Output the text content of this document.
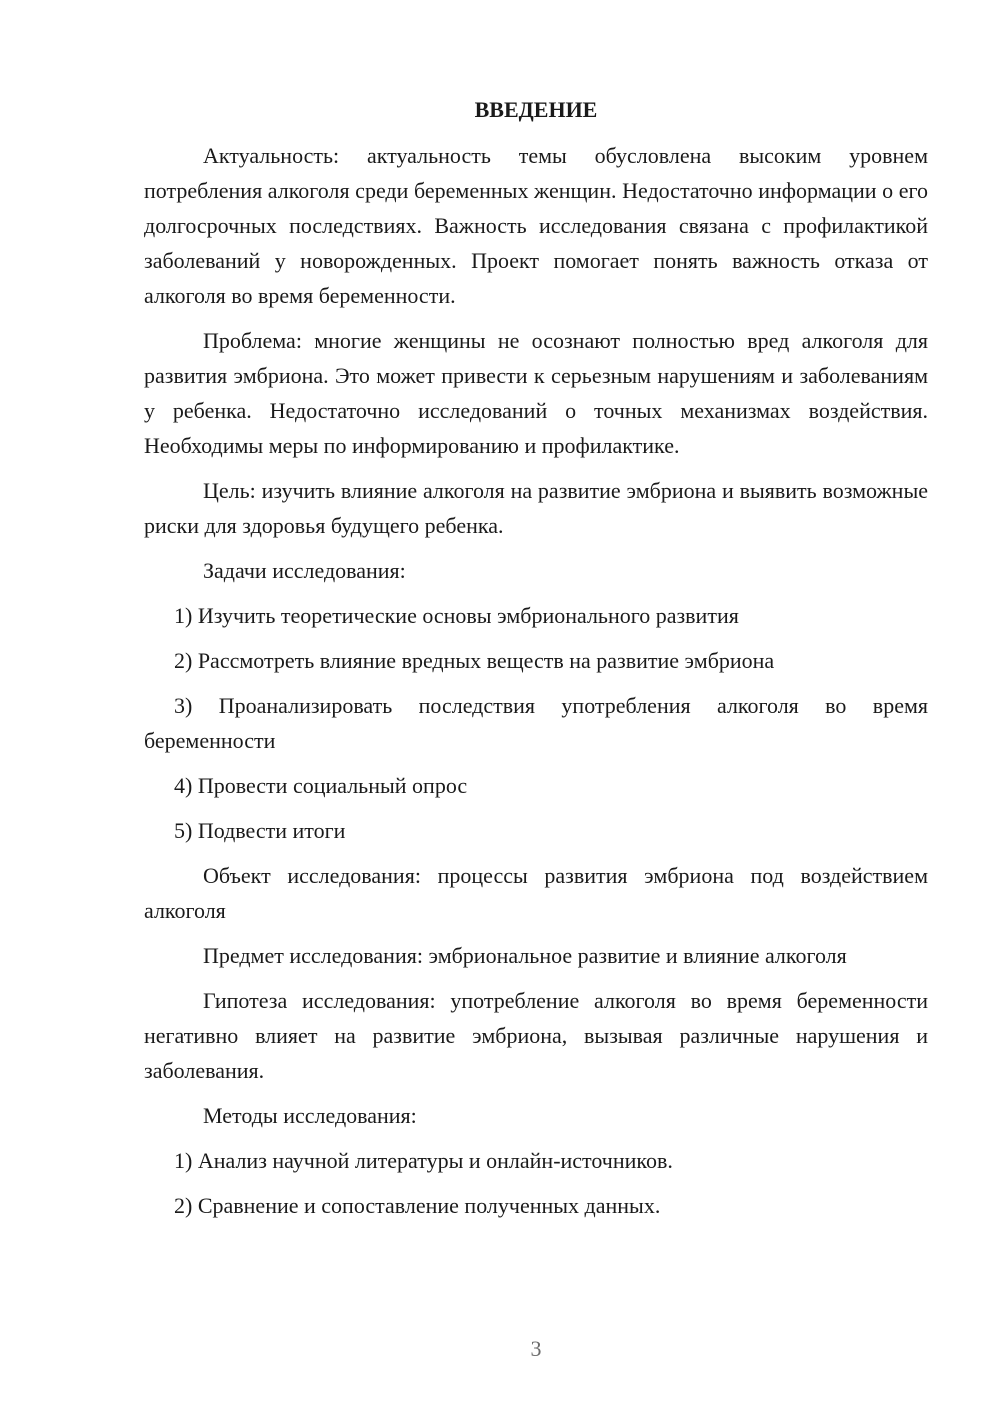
ВВЕДЕНИЕ

Актуальность: актуальность темы обусловлена высоким уровнем потребления алкоголя среди беременных женщин. Недостаточно информации о его долгосрочных последствиях. Важность исследования связана с профилактикой заболеваний у новорожденных. Проект помогает понять важность отказа от алкоголя во время беременности.

Проблема: многие женщины не осознают полностью вред алкоголя для развития эмбриона. Это может привести к серьезным нарушениям и заболеваниям у ребенка. Недостаточно исследований о точных механизмах воздействия. Необходимы меры по информированию и профилактике.

Цель: изучить влияние алкоголя на развитие эмбриона и выявить возможные риски для здоровья будущего ребенка.

Задачи исследования:

1) Изучить теоретические основы эмбрионального развития

2) Рассмотреть влияние вредных веществ на развитие эмбриона

3) Проанализировать последствия употребления алкоголя во время беременности

4) Провести социальный опрос

5) Подвести итоги

Объект исследования: процессы развития эмбриона под воздействием алкоголя

Предмет исследования: эмбриональное развитие и влияние алкоголя

Гипотеза исследования: употребление алкоголя во время беременности негативно влияет на развитие эмбриона, вызывая различные нарушения и заболевания.

Методы исследования:

1) Анализ научной литературы и онлайн-источников.

2) Сравнение и сопоставление полученных данных.

3
